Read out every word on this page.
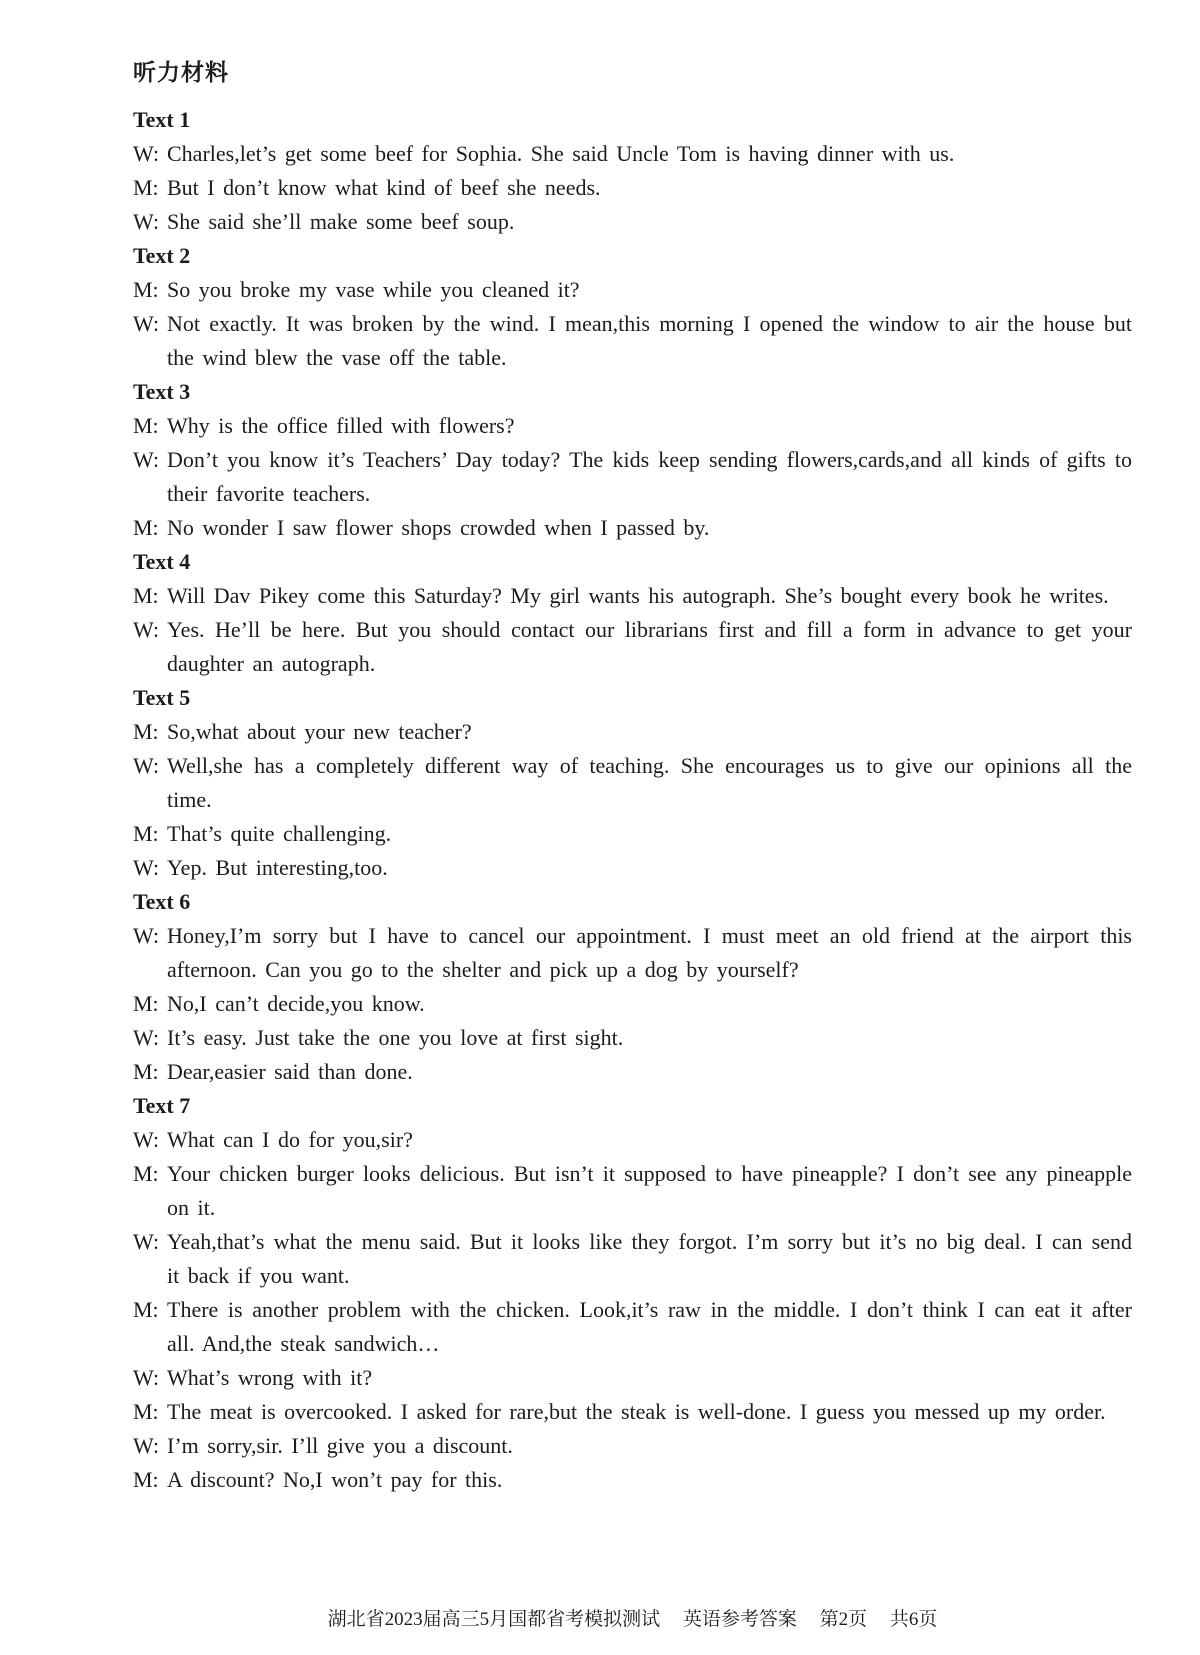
听力材料
Text 1

W: Charles,let’s get some beef for Sophia. She said Uncle Tom is having dinner with us.

M: But I don’t know what kind of beef she needs.

W: She said she’ll make some beef soup.

Text 2

M: So you broke my vase while you cleaned it?

W: Not exactly. It was broken by the wind. I mean,this morning I opened the window to air the house but the wind blew the vase off the table.

Text 3

M: Why is the office filled with flowers?

W: Don’t you know it’s Teachers’ Day today? The kids keep sending flowers,cards,and all kinds of gifts to their favorite teachers.

M: No wonder I saw flower shops crowded when I passed by.

Text 4

M: Will Dav Pikey come this Saturday? My girl wants his autograph. She’s bought every book he writes.

W: Yes. He’ll be here. But you should contact our librarians first and fill a form in advance to get your daughter an autograph.

Text 5

M: So,what about your new teacher?

W: Well,she has a completely different way of teaching. She encourages us to give our opinions all the time.

M: That’s quite challenging.

W: Yep. But interesting,too.

Text 6

W: Honey,I’m sorry but I have to cancel our appointment. I must meet an old friend at the airport this afternoon. Can you go to the shelter and pick up a dog by yourself?

M: No,I can’t decide,you know.

W: It’s easy. Just take the one you love at first sight.

M: Dear,easier said than done.

Text 7

W: What can I do for you,sir?

M: Your chicken burger looks delicious. But isn’t it supposed to have pineapple? I don’t see any pineapple on it.

W: Yeah,that’s what the menu said. But it looks like they forgot. I’m sorry but it’s no big deal. I can send it back if you want.

M: There is another problem with the chicken. Look,it’s raw in the middle. I don’t think I can eat it after all. And,the steak sandwich…

W: What’s wrong with it?

M: The meat is overcooked. I asked for rare,but the steak is well-done. I guess you messed up my order.

W: I’m sorry,sir. I’ll give you a discount.

M: A discount? No,I won’t pay for this.

湖北省2023届高三5月国都省考模拟测试 英语参考答案 第2页 共6页
